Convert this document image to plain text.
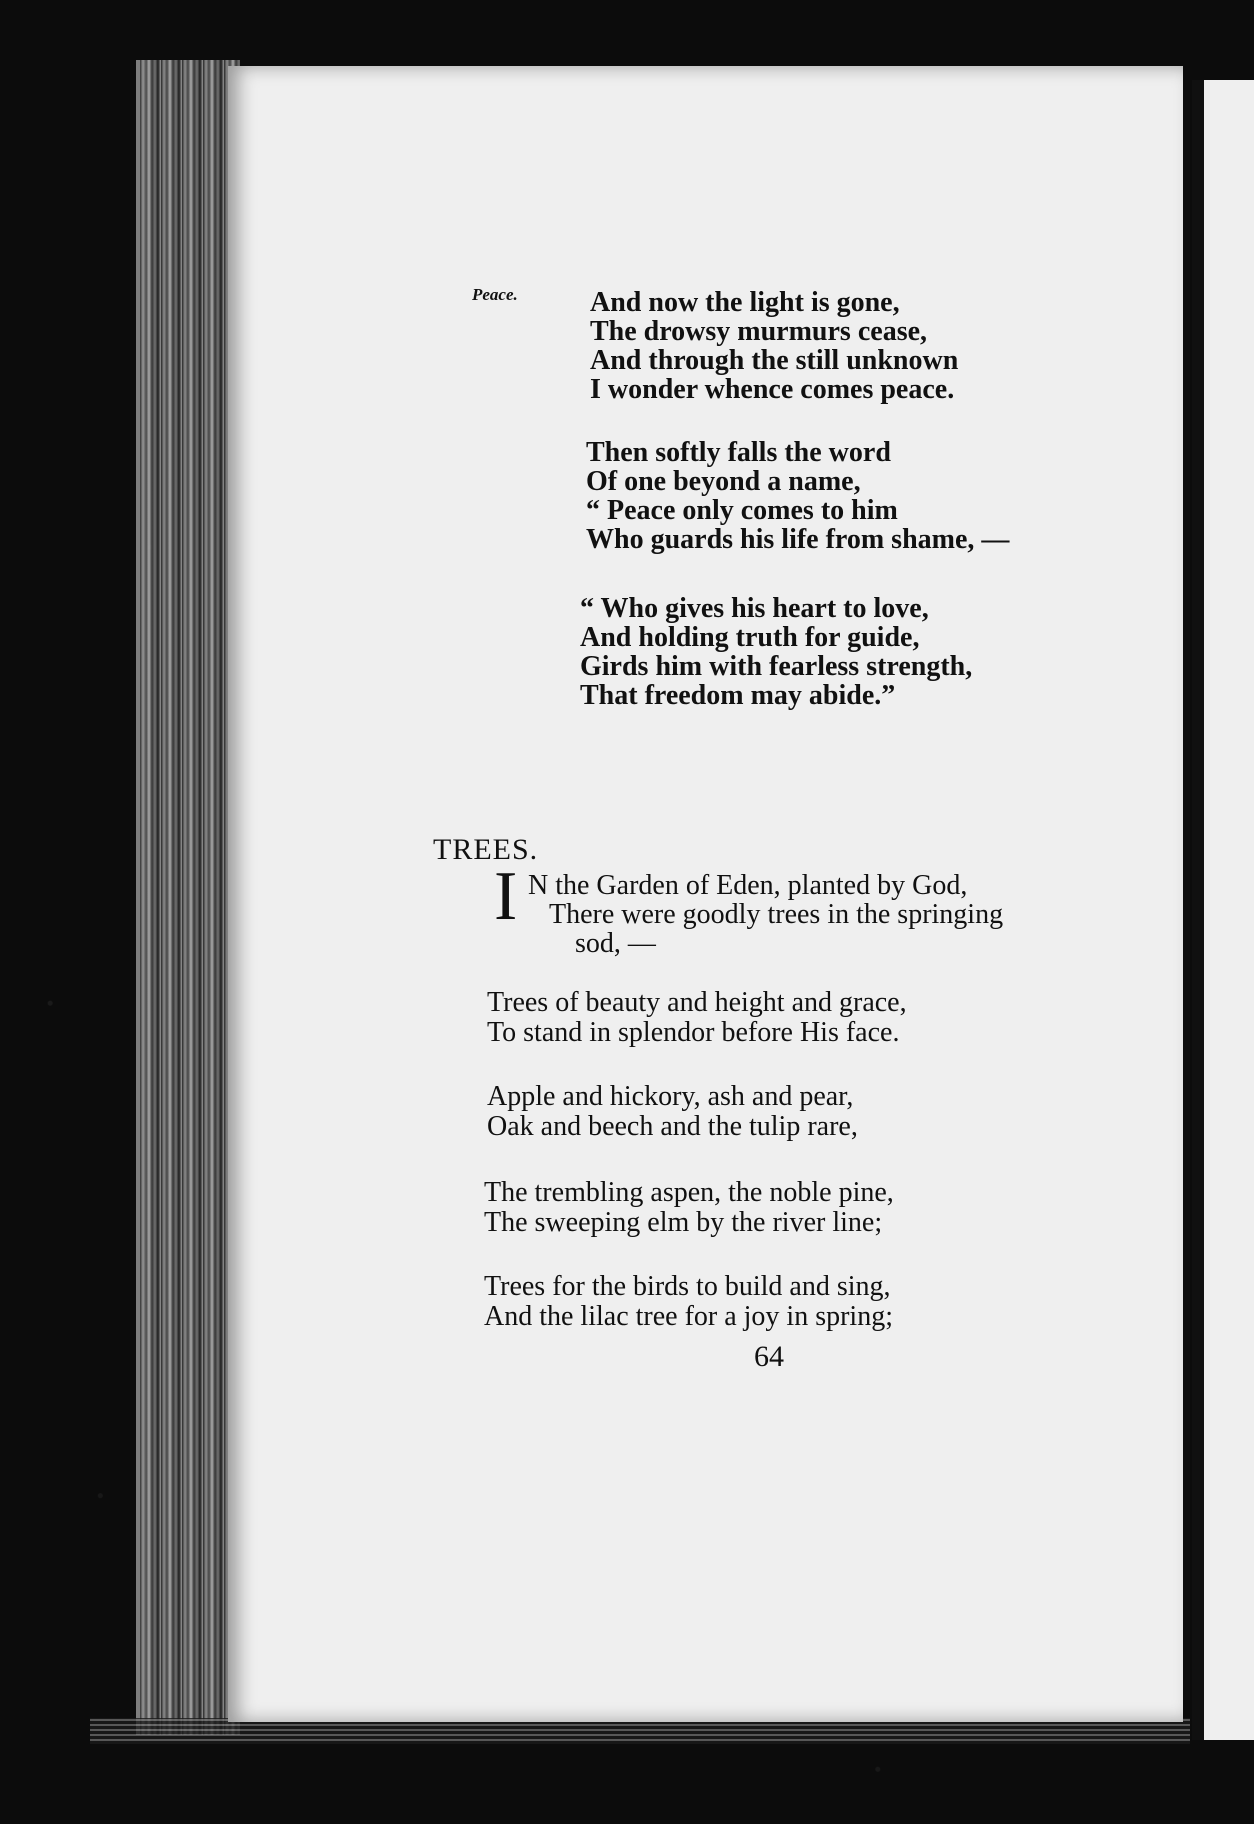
Peace.	And now the light is gone,
The drowsy murmurs cease,
And through the still unknown
I wonder whence comes peace.
Then softly falls the word
Of one beyond a name,
“ Peace only comes to him
Who guards his life from shame, —
“ Who gives his heart to love,
And holding truth for guide,
Girds him with fearless strength,
That freedom may abide.”
TREES.
I N the Garden of Eden, planted by God,
There were goodly trees in the springing
sod, —
Trees of beauty and height and grace,
To stand in splendor before His face.
Apple and hickory, ash and pear,
Oak and beech and the tulip rare,
The trembling aspen, the noble pine,
The sweeping elm by the river line;
Trees for the birds to build and sing,
And the lilac tree for a joy in spring;
64
